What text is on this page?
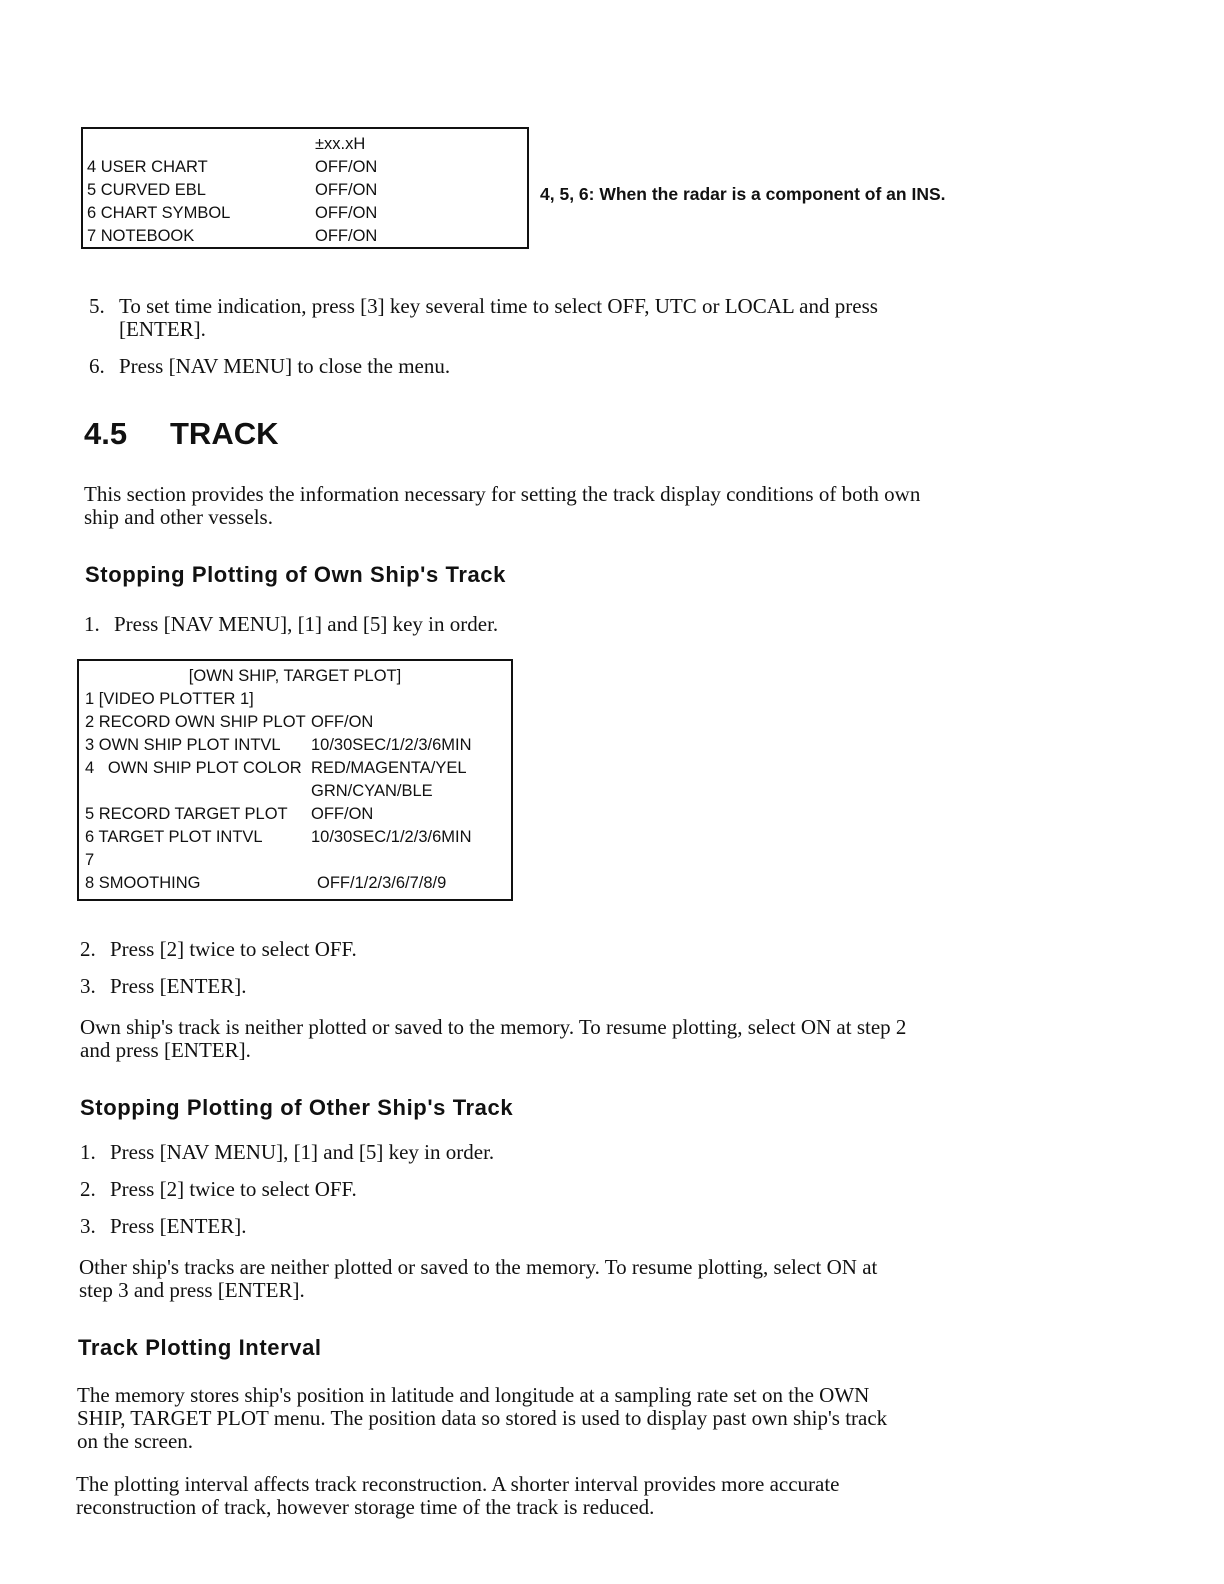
±xx.xH
4 USER CHART	OFF/ON
5 CURVED EBL	OFF/ON
6 CHART SYMBOL	OFF/ON
7 NOTEBOOK	OFF/ON
4, 5, 6: When the radar is a component of an INS.
5. To set time indication, press [3] key several time to select OFF, UTC or LOCAL and press
[ENTER].
6. Press [NAV MENU] to close the menu.
4.5 TRACK
This section provides the information necessary for setting the track display conditions of both own
ship and other vessels.
Stopping Plotting of Own Ship's Track
1. Press [NAV MENU], [1] and [5] key in order.
[OWN SHIP, TARGET PLOT]
1 [VIDEO PLOTTER 1]
2 RECORD OWN SHIP PLOT OFF/ON
3 OWN SHIP PLOT INTVL 10/30SEC/1/2/3/6MIN
4   OWN SHIP PLOT COLOR RED/MAGENTA/YEL
GRN/CYAN/BLE
5 RECORD TARGET PLOT OFF/ON
6 TARGET PLOT INTVL	10/30SEC/1/2/3/6MIN
7
8 SMOOTHING	OFF/1/2/3/6/7/8/9
2. Press [2] twice to select OFF.
3. Press [ENTER].
Own ship's track is neither plotted or saved to the memory. To resume plotting, select ON at step 2
and press [ENTER].
Stopping Plotting of Other Ship's Track
1. Press [NAV MENU], [1] and [5] key in order.
2. Press [2] twice to select OFF.
3. Press [ENTER].
Other ship's tracks are neither plotted or saved to the memory. To resume plotting, select ON at
step 3 and press [ENTER].
Track Plotting Interval
The memory stores ship's position in latitude and longitude at a sampling rate set on the OWN
SHIP, TARGET PLOT menu. The position data so stored is used to display past own ship's track
on the screen.
The plotting interval affects track reconstruction. A shorter interval provides more accurate
reconstruction of track, however storage time of the track is reduced.
